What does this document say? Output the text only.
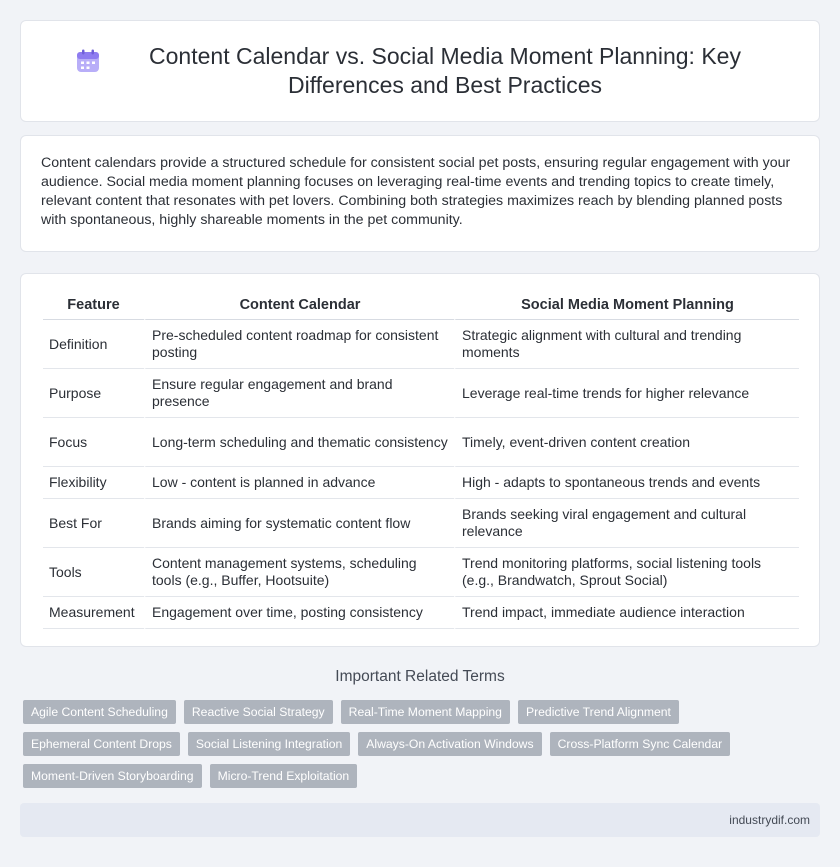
Content Calendar vs. Social Media Moment Planning: Key Differences and Best Practices

Content calendars provide a structured schedule for consistent social pet posts, ensuring regular engagement with your audience. Social media moment planning focuses on leveraging real-time events and trending topics to create timely, relevant content that resonates with pet lovers. Combining both strategies maximizes reach by blending planned posts with spontaneous, highly shareable moments in the pet community.

Feature	Content Calendar	Social Media Moment Planning
Definition	Pre-scheduled content roadmap for consistent posting	Strategic alignment with cultural and trending moments
Purpose	Ensure regular engagement and brand presence	Leverage real-time trends for higher relevance
Focus	Long-term scheduling and thematic consistency	Timely, event-driven content creation
Flexibility	Low - content is planned in advance	High - adapts to spontaneous trends and events
Best For	Brands aiming for systematic content flow	Brands seeking viral engagement and cultural relevance
Tools	Content management systems, scheduling tools (e.g., Buffer, Hootsuite)	Trend monitoring platforms, social listening tools (e.g., Brandwatch, Sprout Social)
Measurement	Engagement over time, posting consistency	Trend impact, immediate audience interaction
Important Related Terms
Agile Content Scheduling	Reactive Social Strategy	Real-Time Moment Mapping	Predictive Trend Alignment
Ephemeral Content Drops	Social Listening Integration	Always-On Activation Windows	Cross-Platform Sync Calendar
Moment-Driven Storyboarding	Micro-Trend Exploitation
industrydif.com
